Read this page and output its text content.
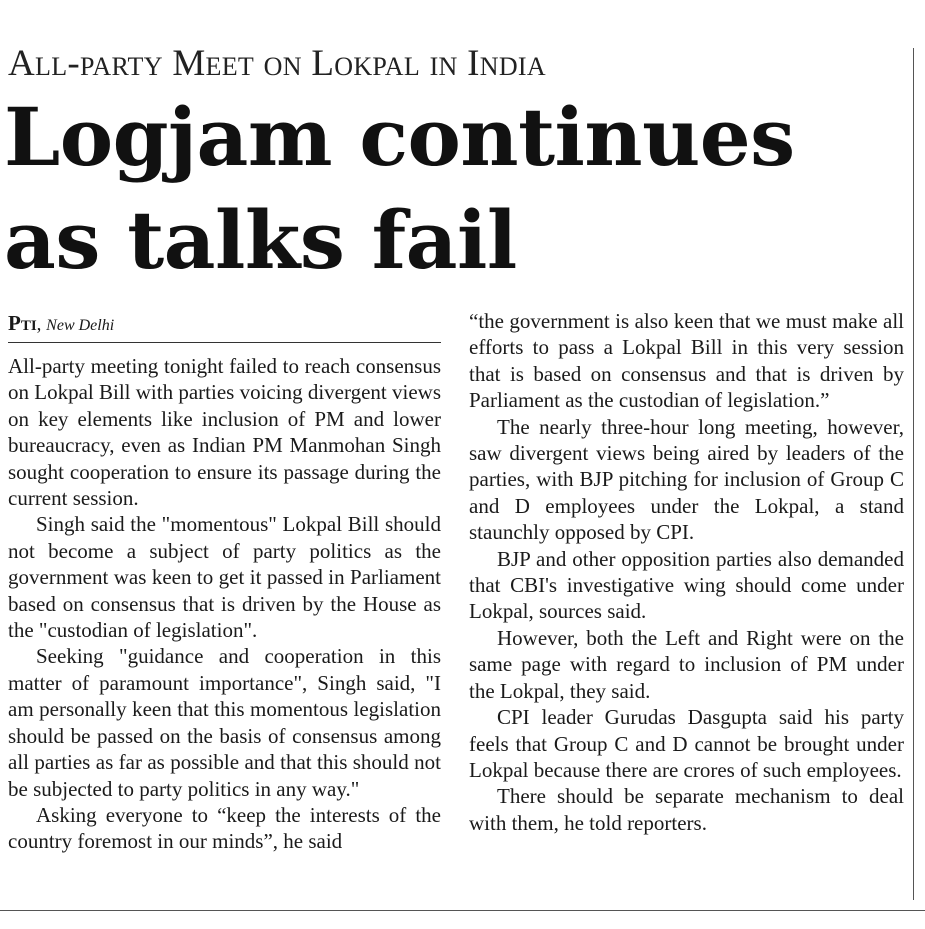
All-party Meet on Lokpal in India
Logjam continues
as talks fail
Pti, New Delhi

All-party meeting tonight failed to reach consensus on Lokpal Bill with parties voicing divergent views on key elements like inclusion of PM and lower bureaucracy, even as Indian PM Manmohan Singh sought cooperation to ensure its passage during the current session.

Singh said the "momentous" Lokpal Bill should not become a subject of party politics as the government was keen to get it passed in Parliament based on consensus that is driven by the House as the "custodian of legislation".

Seeking "guidance and cooperation in this matter of paramount importance", Singh said, "I am personally keen that this momentous legislation should be passed on the basis of consensus among all parties as far as possible and that this should not be subjected to party politics in any way."

Asking everyone to “keep the interests of the country foremost in our minds”, he said

“the government is also keen that we must make all efforts to pass a Lokpal Bill in this very session that is based on consensus and that is driven by Parliament as the custodian of legislation.”

The nearly three-hour long meeting, however, saw divergent views being aired by leaders of the parties, with BJP pitching for inclusion of Group C and D employees under the Lokpal, a stand staunchly opposed by CPI.

BJP and other opposition parties also demanded that CBI's investigative wing should come under Lokpal, sources said.

However, both the Left and Right were on the same page with regard to inclusion of PM under the Lokpal, they said.

CPI leader Gurudas Dasgupta said his party feels that Group C and D cannot be brought under Lokpal because there are crores of such employees.

There should be separate mechanism to deal with them, he told reporters.
